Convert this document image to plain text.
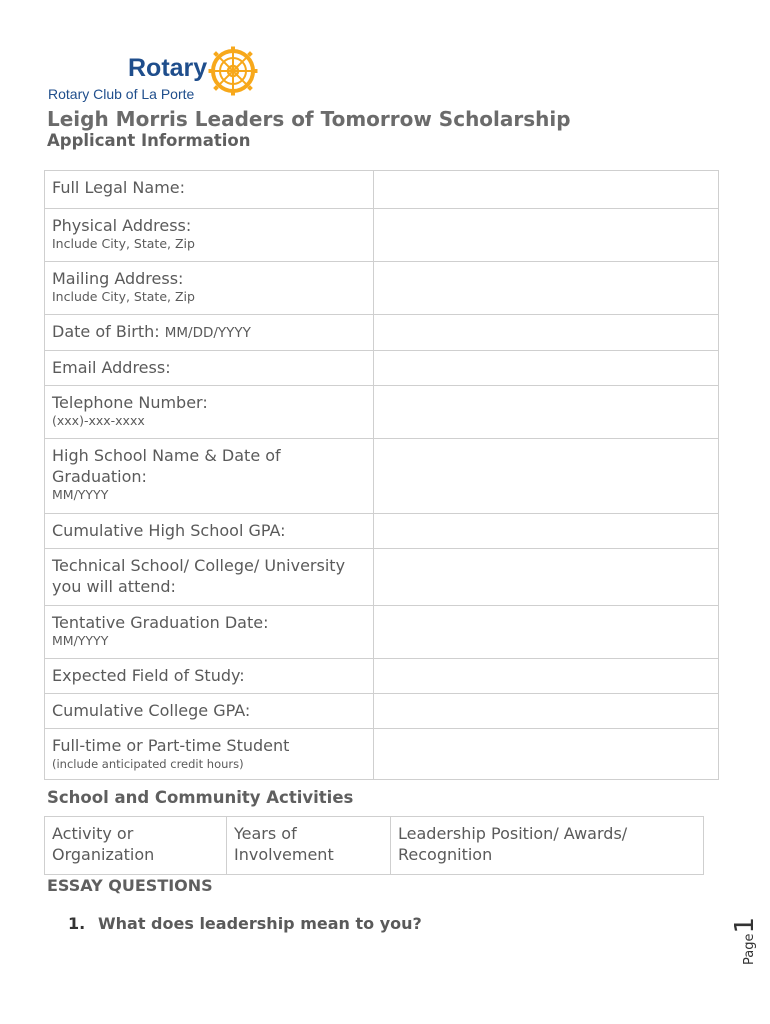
Rotary
Rotary Club of La Porte
Leigh Morris Leaders of Tomorrow Scholarship
Applicant Information
Full Legal Name:	

Physical Address:
Include City, State, Zip	

Mailing Address:
Include City, State, Zip	

Date of Birth: MM/DD/YYYY	

Email Address:	

Telephone Number:
(xxx)-xxx-xxxx	

High School Name & Date of Graduation:
MM/YYYY	

Cumulative High School GPA:	

Technical School/ College/ University you will attend:	

Tentative Graduation Date:
MM/YYYY	

Expected Field of Study:	

Cumulative College GPA:	

Full-time or Part-time Student
(include anticipated credit hours)	

School and Community Activities
Activity or Organization	Years of Involvement	Leadership Position/ Awards/ Recognition
ESSAY QUESTIONS
1. What does leadership mean to you?
Page1
